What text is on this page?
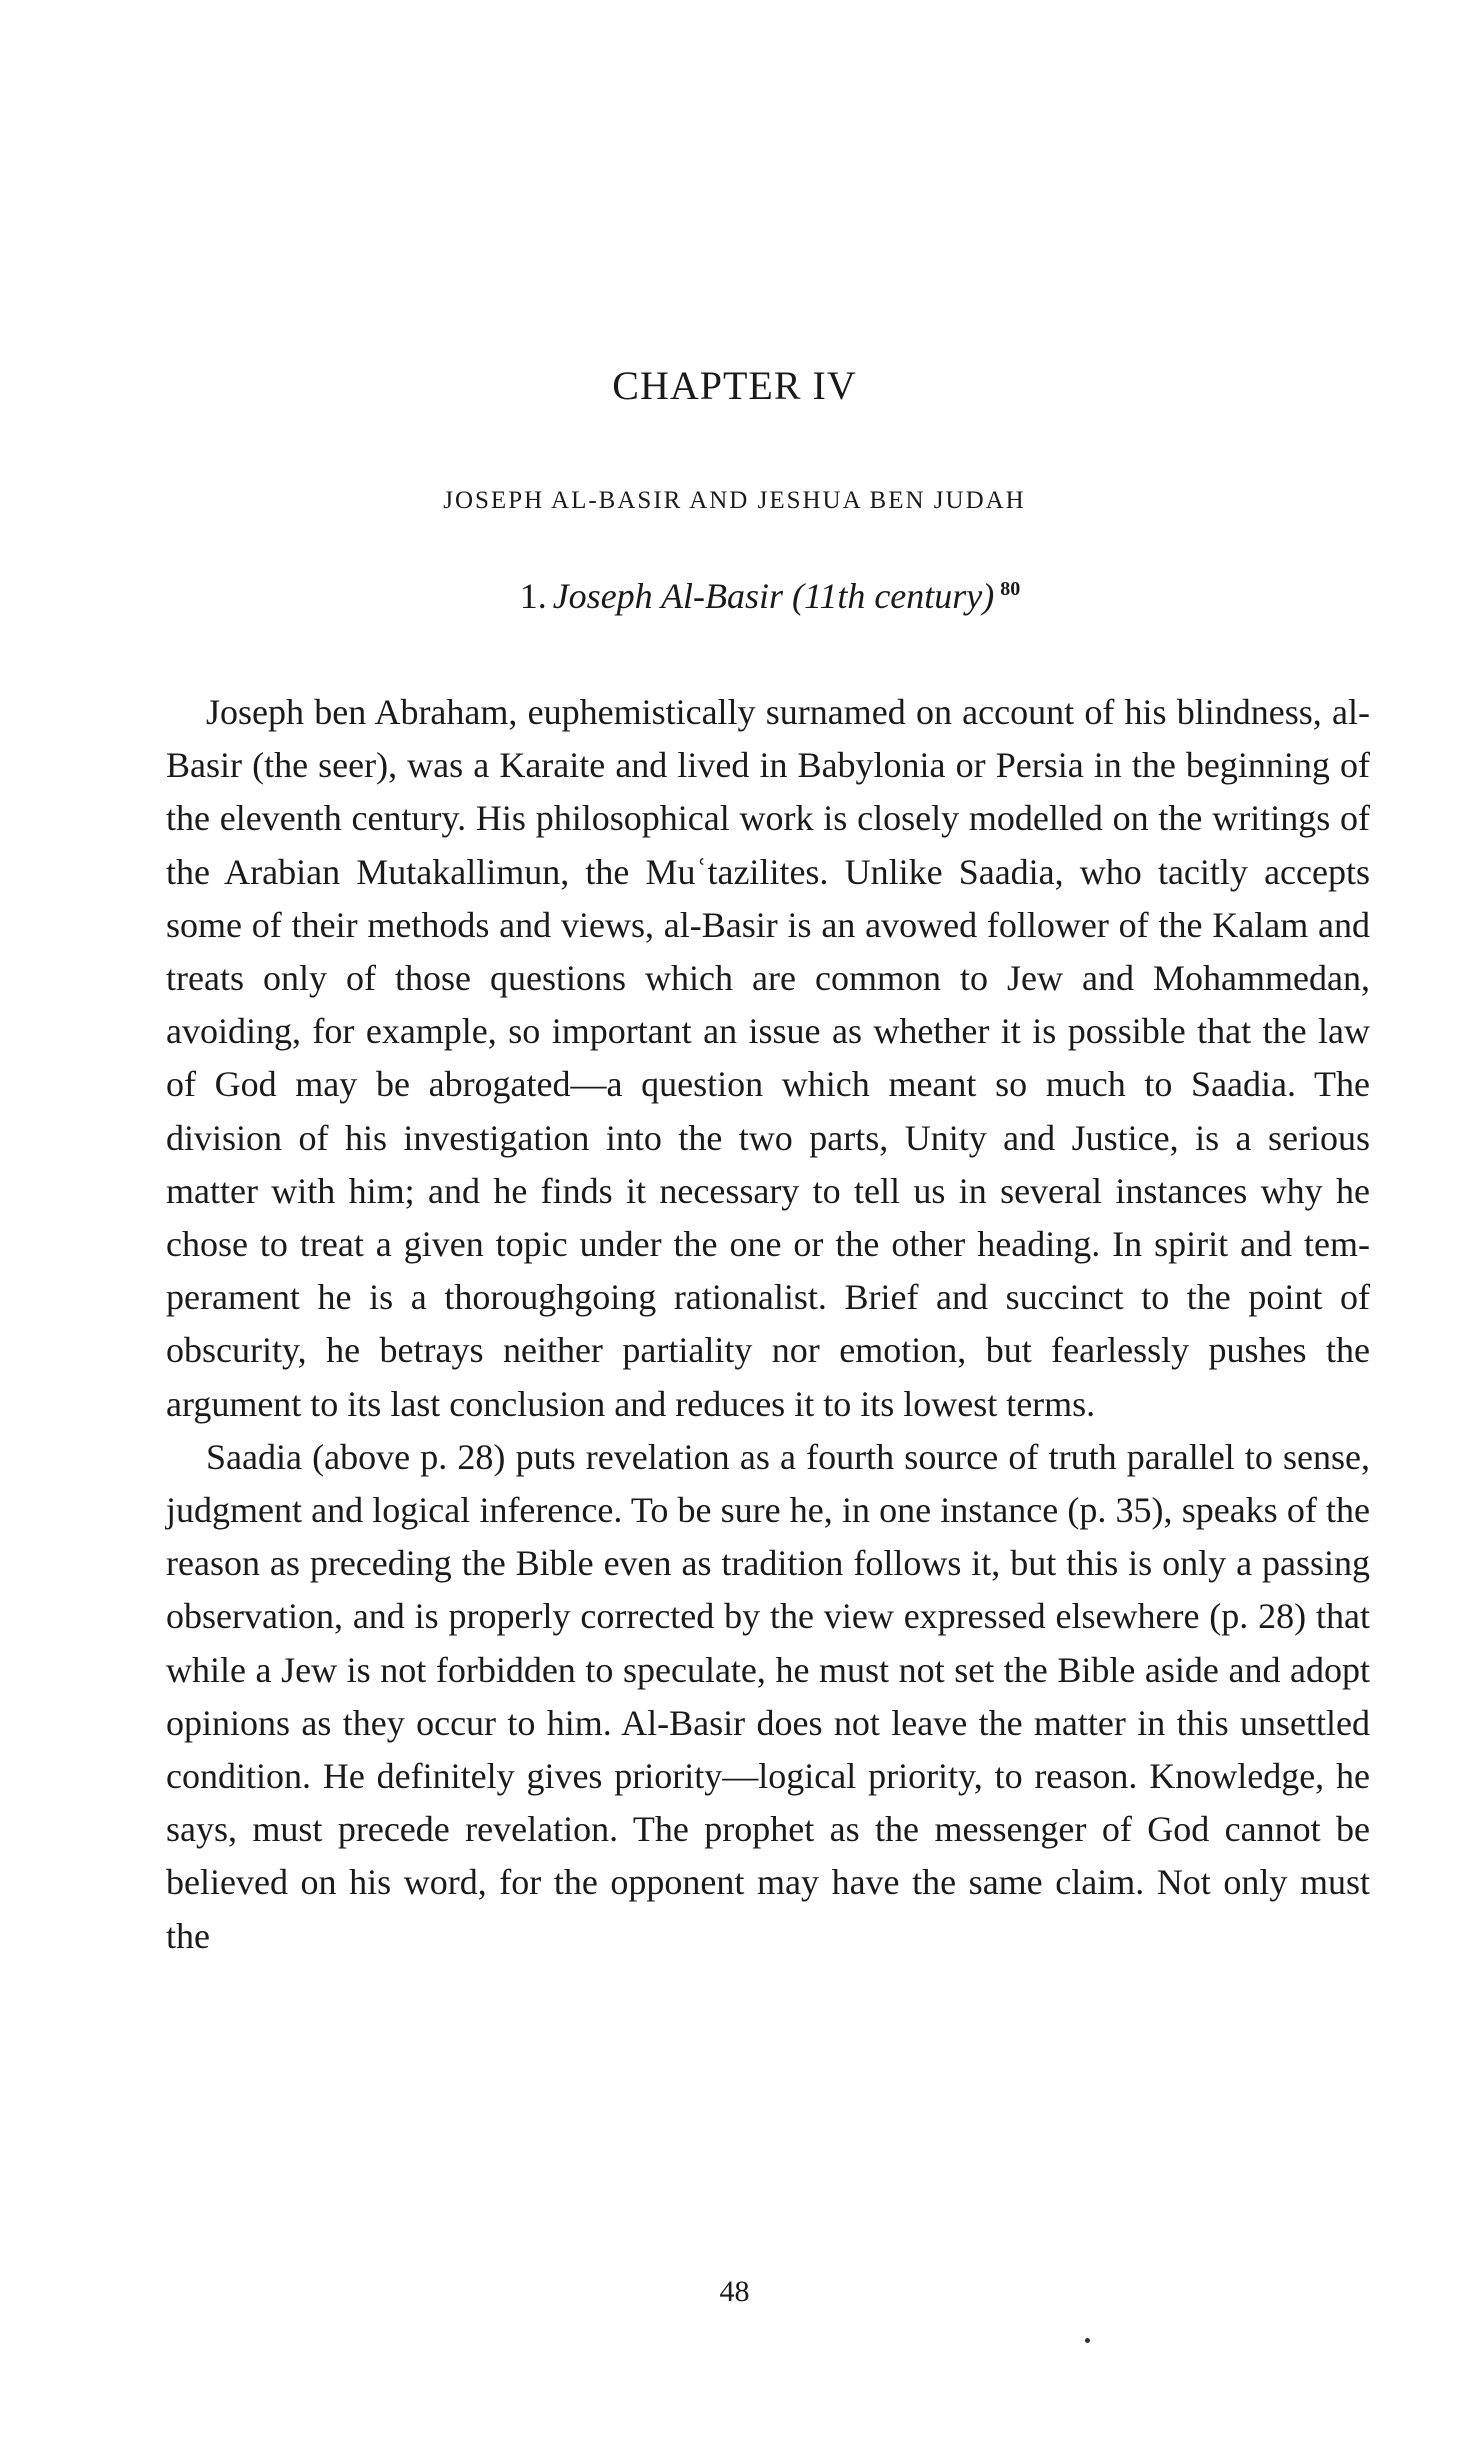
CHAPTER IV
JOSEPH AL-BASIR AND JESHUA BEN JUDAH
1. Joseph Al-Basir (11th century) $^{80}$

Joseph ben Abraham, euphemistically surnamed on account of his blindness, al-Basir (the seer), was a Karaite and lived in Babylonia or Persia in the beginning of the eleventh century. His philosophical work is closely modelled on the writings of the Arabian Mutakallimun, the Muʿtazilites. Unlike Saadia, who tacitly accepts some of their methods and views, al-Basir is an avowed follower of the Kalam and treats only of those questions which are common to Jew and Mohammedan, avoiding, for example, so important an issue as whether it is possible that the law of God may be abrogated—a question which meant so much to Saadia. The division of his investigation into the two parts, Unity and Justice, is a serious matter with him; and he finds it necessary to tell us in several instances why he chose to treat a given topic under the one or the other heading. In spirit and temperament he is a thoroughgoing rationalist. Brief and succinct to the point of obscurity, he betrays neither partiality nor emotion, but fearlessly pushes the argument to its last conclusion and reduces it to its lowest terms.

Saadia (above p. 28) puts revelation as a fourth source of truth parallel to sense, judgment and logical inference. To be sure he, in one instance (p. 35), speaks of the reason as preceding the Bible even as tradition follows it, but this is only a passing observation, and is properly corrected by the view expressed elsewhere (p. 28) that while a Jew is not forbidden to speculate, he must not set the Bible aside and adopt opinions as they occur to him. Al-Basir does not leave the matter in this unsettled condition. He definitely gives priority—logical priority, to reason. Knowledge, he says, must precede revelation. The prophet as the messenger of God cannot be believed on his word, for the opponent may have the same claim. Not only must the

48
